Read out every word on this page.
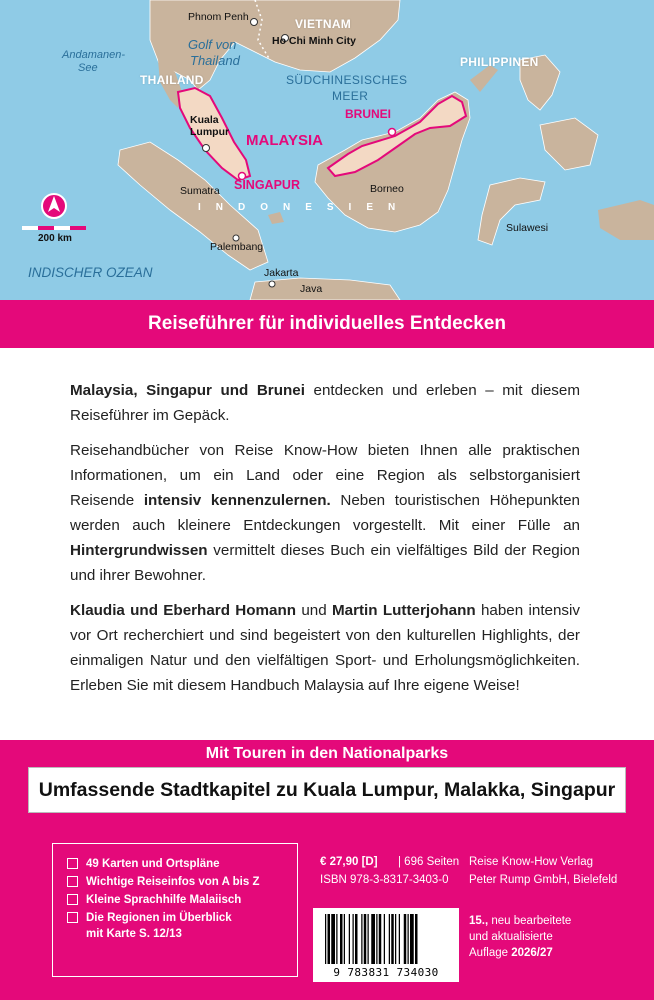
Phnom Penh	VIETNAM
Ho Chi Minh City
Andamanen-
See
Golf von
Thailand
THAILAND	SÜDCHINESISCHES
MEER
PHILIPPINEN
BRUNEI
Kuala
Lumpur MALAYSIA
SINGAPUR
Sumatra	Borneo
INDONESIEN
Sulawesi
200 km
Palembang
INDISCHER OZEAN	Jakarta
Java
Reiseführer für individuelles Entdecken

Malaysia, Singapur und Brunei entdecken und erleben – mit diesem Reiseführer im Gepäck.

Reisehandbücher von Reise Know-How bieten Ihnen alle praktischen Informationen, um ein Land oder eine Region als selbstorganisiert Reisende intensiv kennenzulernen. Neben touristischen Höhepunkten werden auch kleinere Entdeckungen vorgestellt. Mit einer Fülle an Hintergrundwissen vermittelt dieses Buch ein vielfältiges Bild der Region und ihrer Bewohner.

Klaudia und Eberhard Homann und Martin Lutterjohann haben intensiv vor Ort recherchiert und sind begeistert von den kulturellen Highlights, der einmaligen Natur und den vielfältigen Sport- und Erholungsmöglichkeiten. Erleben Sie mit diesem Handbuch Malaysia auf Ihre eigene Weise!

Mit Touren in den Nationalparks
Umfassende Stadtkapitel zu Kuala Lumpur, Malakka, Singapur
49 Karten und Ortspläne
Wichtige Reiseinfos von A bis Z
Kleine Sprachhilfe Malaiisch
Die Regionen im Überblick
mit Karte S. 12/13
€ 27,90 [D] | 696 Seiten
ISBN 978-3-8317-3403-0
Reise Know-How Verlag
Peter Rump GmbH, Bielefeld
15., neu bearbeitete
und aktualisierte
Auflage 2026/27
9 783831 734030
